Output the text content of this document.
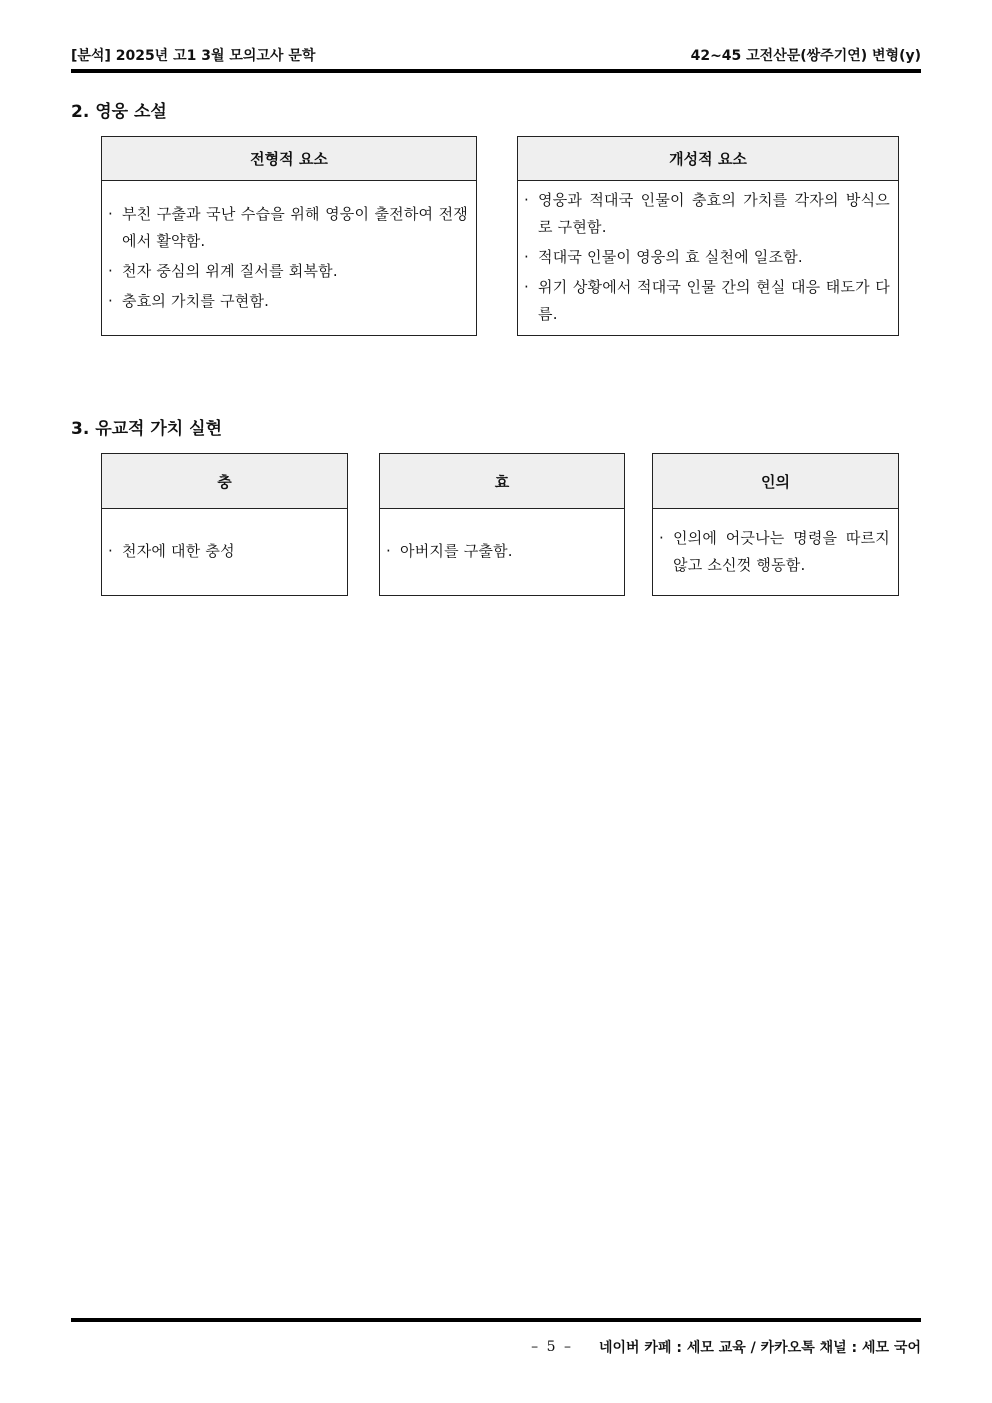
[분석] 2025년 고1 3월 모의고사 문학	42~45 고전산문(쌍주기연) 변형(y)
2. 영웅 소설
전형적 요소
· 부친 구출과 국난 수습을 위해 영웅이 출전하여 전쟁에서 활약함.
· 천자 중심의 위계 질서를 회복함.
· 충효의 가치를 구현함.
개성적 요소
· 영웅과 적대국 인물이 충효의 가치를 각자의 방식으로 구현함.
· 적대국 인물이 영웅의 효 실천에 일조함.
· 위기 상황에서 적대국 인물 간의 현실 대응 태도가 다름.
3. 유교적 가치 실현
충
· 천자에 대한 충성
효
· 아버지를 구출함.
인의
· 인의에 어긋나는 명령을 따르지 않고 소신껏 행동함.
– 5 – 네이버 카페 : 세모 교육 / 카카오톡 채널 : 세모 국어
